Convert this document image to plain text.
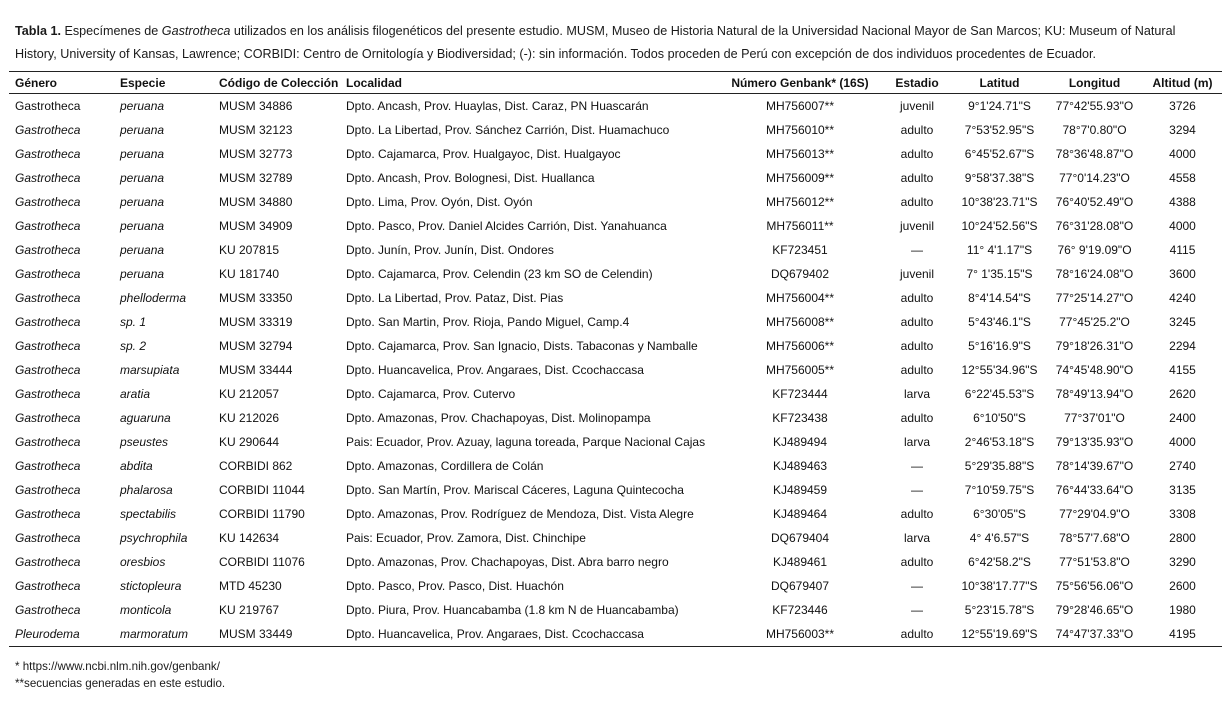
Tabla 1. Especímenes de Gastrotheca utilizados en los análisis filogenéticos del presente estudio. MUSM, Museo de Historia Natural de la Universidad Nacional Mayor de San Marcos; KU: Museum of Natural History, University of Kansas, Lawrence; CORBIDI: Centro de Ornitología y Biodiversidad; (-): sin información. Todos proceden de Perú con excepción de dos individuos procedentes de Ecuador.
Género	Especie	Código de Colección	Localidad	Número Genbank* (16S)	Estadio	Latitud	Longitud	Altitud (m)
Gastrotheca	peruana	MUSM 34886	Dpto. Ancash, Prov. Huaylas, Dist. Caraz, PN Huascarán	MH756007**	juvenil	9°1'24.71"S	77°42'55.93"O	3726
Gastrotheca	peruana	MUSM 32123	Dpto. La Libertad, Prov. Sánchez Carrión, Dist. Huamachuco	MH756010**	adulto	7°53'52.95"S	78°7'0.80"O	3294
Gastrotheca	peruana	MUSM 32773	Dpto. Cajamarca, Prov. Hualgayoc, Dist. Hualgayoc	MH756013**	adulto	6°45'52.67"S	78°36'48.87"O	4000
Gastrotheca	peruana	MUSM 32789	Dpto. Ancash, Prov. Bolognesi, Dist. Huallanca	MH756009**	adulto	9°58'37.38"S	77°0'14.23"O	4558
Gastrotheca	peruana	MUSM 34880	Dpto. Lima, Prov. Oyón, Dist. Oyón	MH756012**	adulto	10°38'23.71"S	76°40'52.49"O	4388
Gastrotheca	peruana	MUSM 34909	Dpto. Pasco, Prov. Daniel Alcides Carrión, Dist. Yanahuanca	MH756011**	juvenil	10°24'52.56"S	76°31'28.08"O	4000
Gastrotheca	peruana	KU 207815	Dpto. Junín, Prov. Junín, Dist. Ondores	KF723451	—	11° 4'1.17"S	76° 9'19.09"O	4115
Gastrotheca	peruana	KU 181740	Dpto. Cajamarca, Prov. Celendin (23 km SO de Celendin)	DQ679402	juvenil	7° 1'35.15"S	78°16'24.08"O	3600
Gastrotheca	phelloderma	MUSM 33350	Dpto. La Libertad, Prov. Pataz, Dist. Pias	MH756004**	adulto	8°4'14.54"S	77°25'14.27"O	4240
Gastrotheca	sp. 1	MUSM 33319	Dpto. San Martin, Prov. Rioja, Pando Miguel, Camp.4	MH756008**	adulto	5°43'46.1"S	77°45'25.2"O	3245
Gastrotheca	sp. 2	MUSM 32794	Dpto. Cajamarca, Prov. San Ignacio, Dists. Tabaconas y Namballe	MH756006**	adulto	5°16'16.9"S	79°18'26.31"O	2294
Gastrotheca	marsupiata	MUSM 33444	Dpto. Huancavelica, Prov. Angaraes, Dist. Ccochaccasa	MH756005**	adulto	12°55'34.96"S	74°45'48.90"O	4155
Gastrotheca	aratia	KU 212057	Dpto. Cajamarca, Prov. Cutervo	KF723444	larva	6°22'45.53"S	78°49'13.94"O	2620
Gastrotheca	aguaruna	KU 212026	Dpto. Amazonas, Prov. Chachapoyas, Dist. Molinopampa	KF723438	adulto	6°10'50"S	77°37'01"O	2400
Gastrotheca	pseustes	KU 290644	Pais: Ecuador, Prov. Azuay, laguna toreada, Parque Nacional Cajas	KJ489494	larva	2°46'53.18"S	79°13'35.93"O	4000
Gastrotheca	abdita	CORBIDI 862	Dpto. Amazonas, Cordillera de Colán	KJ489463	—	5°29'35.88"S	78°14'39.67"O	2740
Gastrotheca	phalarosa	CORBIDI 11044	Dpto. San Martín, Prov. Mariscal Cáceres, Laguna Quintecocha	KJ489459	—	7°10'59.75"S	76°44'33.64"O	3135
Gastrotheca	spectabilis	CORBIDI 11790	Dpto. Amazonas, Prov. Rodríguez de Mendoza, Dist. Vista Alegre	KJ489464	adulto	6°30'05"S	77°29'04.9"O	3308
Gastrotheca	psychrophila	KU 142634	Pais: Ecuador, Prov. Zamora, Dist. Chinchipe	DQ679404	larva	4° 4'6.57"S	78°57'7.68"O	2800
Gastrotheca	oresbios	CORBIDI 11076	Dpto. Amazonas, Prov. Chachapoyas, Dist. Abra barro negro	KJ489461	adulto	6°42'58.2"S	77°51'53.8"O	3290
Gastrotheca	stictopleura	MTD 45230	Dpto. Pasco, Prov. Pasco, Dist. Huachón	DQ679407	—	10°38'17.77"S	75°56'56.06"O	2600
Gastrotheca	monticola	KU 219767	Dpto. Piura, Prov. Huancabamba (1.8 km N de Huancabamba)	KF723446	—	5°23'15.78"S	79°28'46.65"O	1980
Pleurodema	marmoratum	MUSM 33449	Dpto. Huancavelica, Prov. Angaraes, Dist. Ccochaccasa	MH756003**	adulto	12°55'19.69"S	74°47'37.33"O	4195
* https://www.ncbi.nlm.nih.gov/genbank/
**secuencias generadas en este estudio.
